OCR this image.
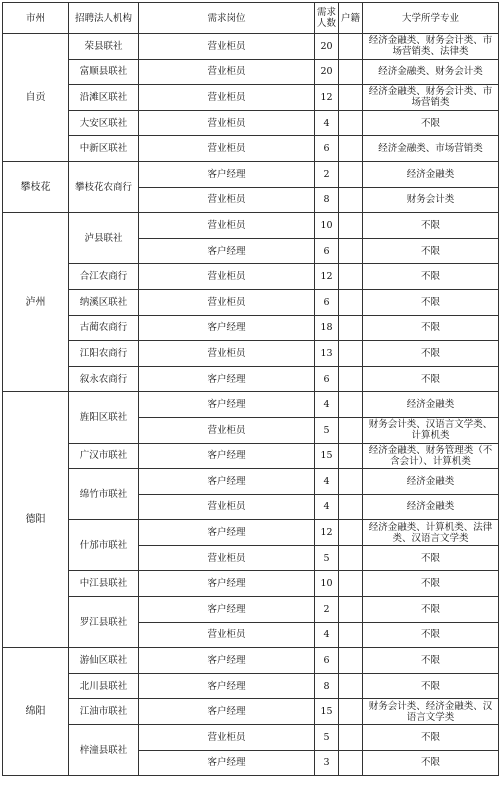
市州	招聘法人机构	需求岗位	需求人数	户籍	大学所学专业
自贡	荣县联社	营业柜员	20		经济金融类、财务会计类、市场营销类、法律类
	富顺县联社	营业柜员	20		经济金融类、财务会计类
	沿滩区联社	营业柜员	12		经济金融类、财务会计类、市场营销类
	大安区联社	营业柜员	4		不限
	中新区联社	营业柜员	6		经济金融类、市场营销类
攀枝花	攀枝花农商行	客户经理	2		经济金融类
		营业柜员	8		财务会计类
泸州	泸县联社	营业柜员	10		不限
		客户经理	6		不限
	合江农商行	营业柜员	12		不限
	纳溪区联社	营业柜员	6		不限
	古蔺农商行	客户经理	18		不限
	江阳农商行	营业柜员	13		不限
	叙永农商行	客户经理	6		不限
德阳	旌阳区联社	客户经理	4		经济金融类
		营业柜员	5		财务会计类、汉语言文学类、计算机类
	广汉市联社	客户经理	15		经济金融类、财务管理类（不含会计）、计算机类
	绵竹市联社	客户经理	4		经济金融类
		营业柜员	4		经济金融类
	什邡市联社	客户经理	12		经济金融类、计算机类、法律类、汉语言文学类
		营业柜员	5		不限
	中江县联社	客户经理	10		不限
	罗江县联社	客户经理	2		不限
		营业柜员	4		不限
绵阳	游仙区联社	客户经理	6		不限
	北川县联社	客户经理	8		不限
	江油市联社	客户经理	15		财务会计类、经济金融类、汉语言文学类
	梓潼县联社	营业柜员	5		不限
		客户经理	3		不限
